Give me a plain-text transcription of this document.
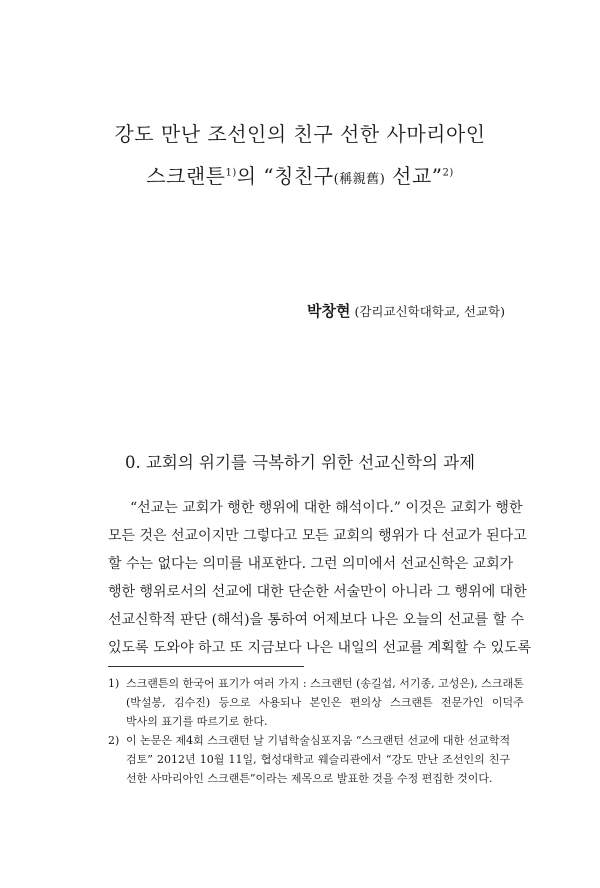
강도 만난 조선인의 친구 선한 사마리아인

스크랜튼$^{1)}$의 “칭친구(稱親舊) 선교”$^{2)}$

박창현 (감리교신학대학교, 선교학)
0. 교회의 위기를 극복하기 위한 선교신학의 과제
“선교는 교회가 행한 행위에 대한 해석이다.” 이것은 교회가 행한
모든 것은 선교이지만 그렇다고 모든 교회의 행위가 다 선교가 된다고
할 수는 없다는 의미를 내포한다. 그런 의미에서 선교신학은 교회가
행한 행위로서의 선교에 대한 단순한 서술만이 아니라 그 행위에 대한
선교신학적 판단 (해석)을 통하여 어제보다 나은 오늘의 선교를 할 수
있도록 도와야 하고 또 지금보다 나은 내일의 선교를 계획할 수 있도록
1) 스크랜튼의 한국어 표기가 여러 가지 : 스크랜턴 (송길섭, 서기종, 고성은), 스크래톤
(박설봉, 김수진) 등으로 사용되나 본인은 편의상 스크랜튼 전문가인 이덕주
박사의 표기를 따르기로 한다.
2) 이 논문은 제4회 스크랜턴 날 기념학술심포지움 “스크랜턴 선교에 대한 선교학적
검토” 2012년 10월 11일, 협성대학교 웨슬리관에서 “강도 만난 조선인의 친구
선한 사마리아인 스크랜튼”이라는 제목으로 발표한 것을 수정 편집한 것이다.
